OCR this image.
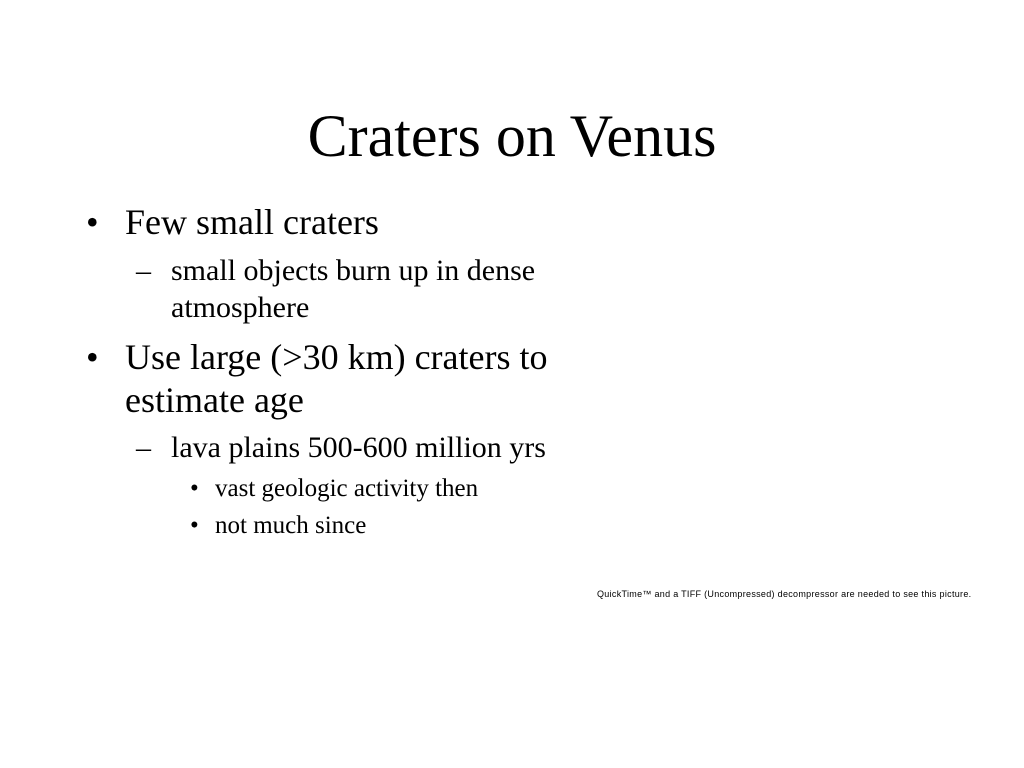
Craters on Venus
• Few small craters
– small objects burn up in dense
atmosphere
• Use large (>30 km) craters to
estimate age
– lava plains 500-600 million yrs
• vast geologic activity then
• not much since
QuickTime™ and a TIFF (Uncompressed) decompressor are needed to see this picture.
